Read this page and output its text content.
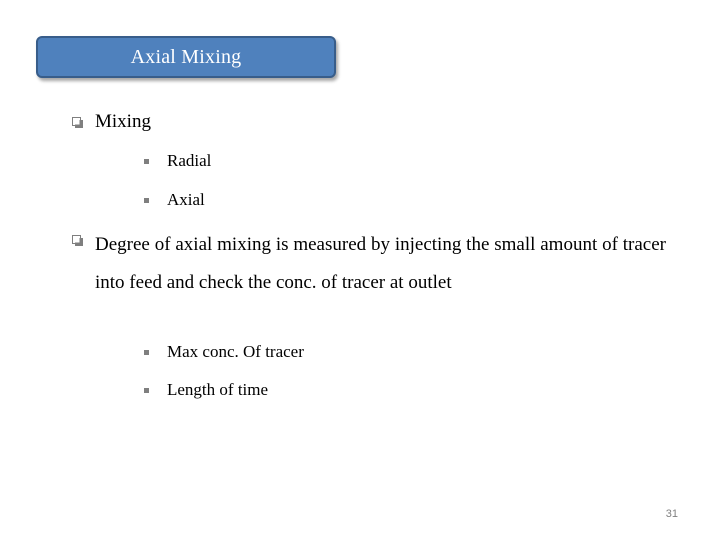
Axial Mixing
Mixing
Radial
Axial
Degree of axial mixing is measured by injecting the small amount of tracer into feed and check the conc. of tracer at outlet
Max conc. Of tracer
Length of time
31
